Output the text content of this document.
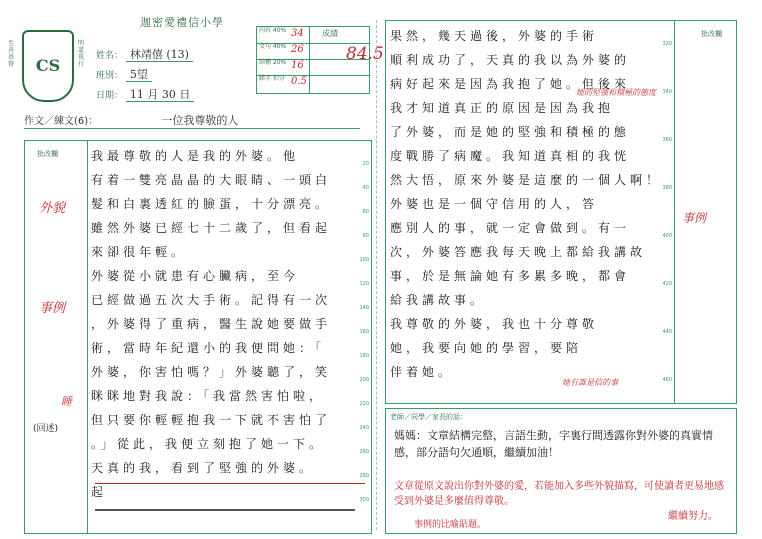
迦密愛禮信小學
CS
至善基督
明道篤行
姓名： 林靖僖 (13)
班別： 5望
日期： 11 月 30 日
內容 40% 34
文句 40% 26
結構 20% 16
錯字 扣分 0.5
成績
84.5
作文／練文(6)：	一位我尊敬的人
批改欄
外貌
事例
睡
(回述)
我最尊敬的人是我的外婆。他
有着一雙亮晶晶的大眼睛、一頭白
髮和白裏透紅的臉蛋，十分漂亮。
雖然外婆已經七十二歲了，但看起
來卻很年輕。
外婆從小就患有心臟病，至今
已經做過五次大手術。記得有一次
，外婆得了重病，醫生說她要做手
術，當時年紀還小的我便問她：「
外婆，你害怕嗎？」外婆聽了，笑
眯眯地對我說：「我當然害怕啦，
但只要你輕輕抱我一下就不害怕了
。」從此，我便立刻抱了她一下。
天真的我，看到了堅強的外婆。
起
20
40
60
80
100
120
140
160
180
200
220
240
260
280
300
批改欄
事例
果然，幾天過後，外婆的手術
順利成功了，天真的我以為外婆的
病好起來是因為我抱了她。但後來
我才知道真正的原因是因為我抱
了外婆，而是她的堅強和積極的態
度戰勝了病魔。我知道真相的我恍
然大悟，原來外婆是這麼的一個人啊！
外婆也是一個守信用的人，答
應別人的事，就一定會做到。有一
次，外婆答應我每天晚上都給我講故
事，於是無論她有多累多晚，都會
給我講故事。
我尊敬的外婆，我也十分尊敬
她，我要向她的學習，要陪
伴着她。
她的堅強和積極的態度
她有誰是信的事
320
340
360
380
400
420
440
460
老師／同學／家長的話：
媽媽：文章結構完整，言語生動，字裏行間透露你對外婆的真實情感，部分語句欠通順，繼續加油！
文章從原文說出你對外婆的愛，若能加入多些外貌描寫，可使讀者更易地感受到外婆是多麼值得尊敬。
繼續努力。
事例的比喻貼題。
